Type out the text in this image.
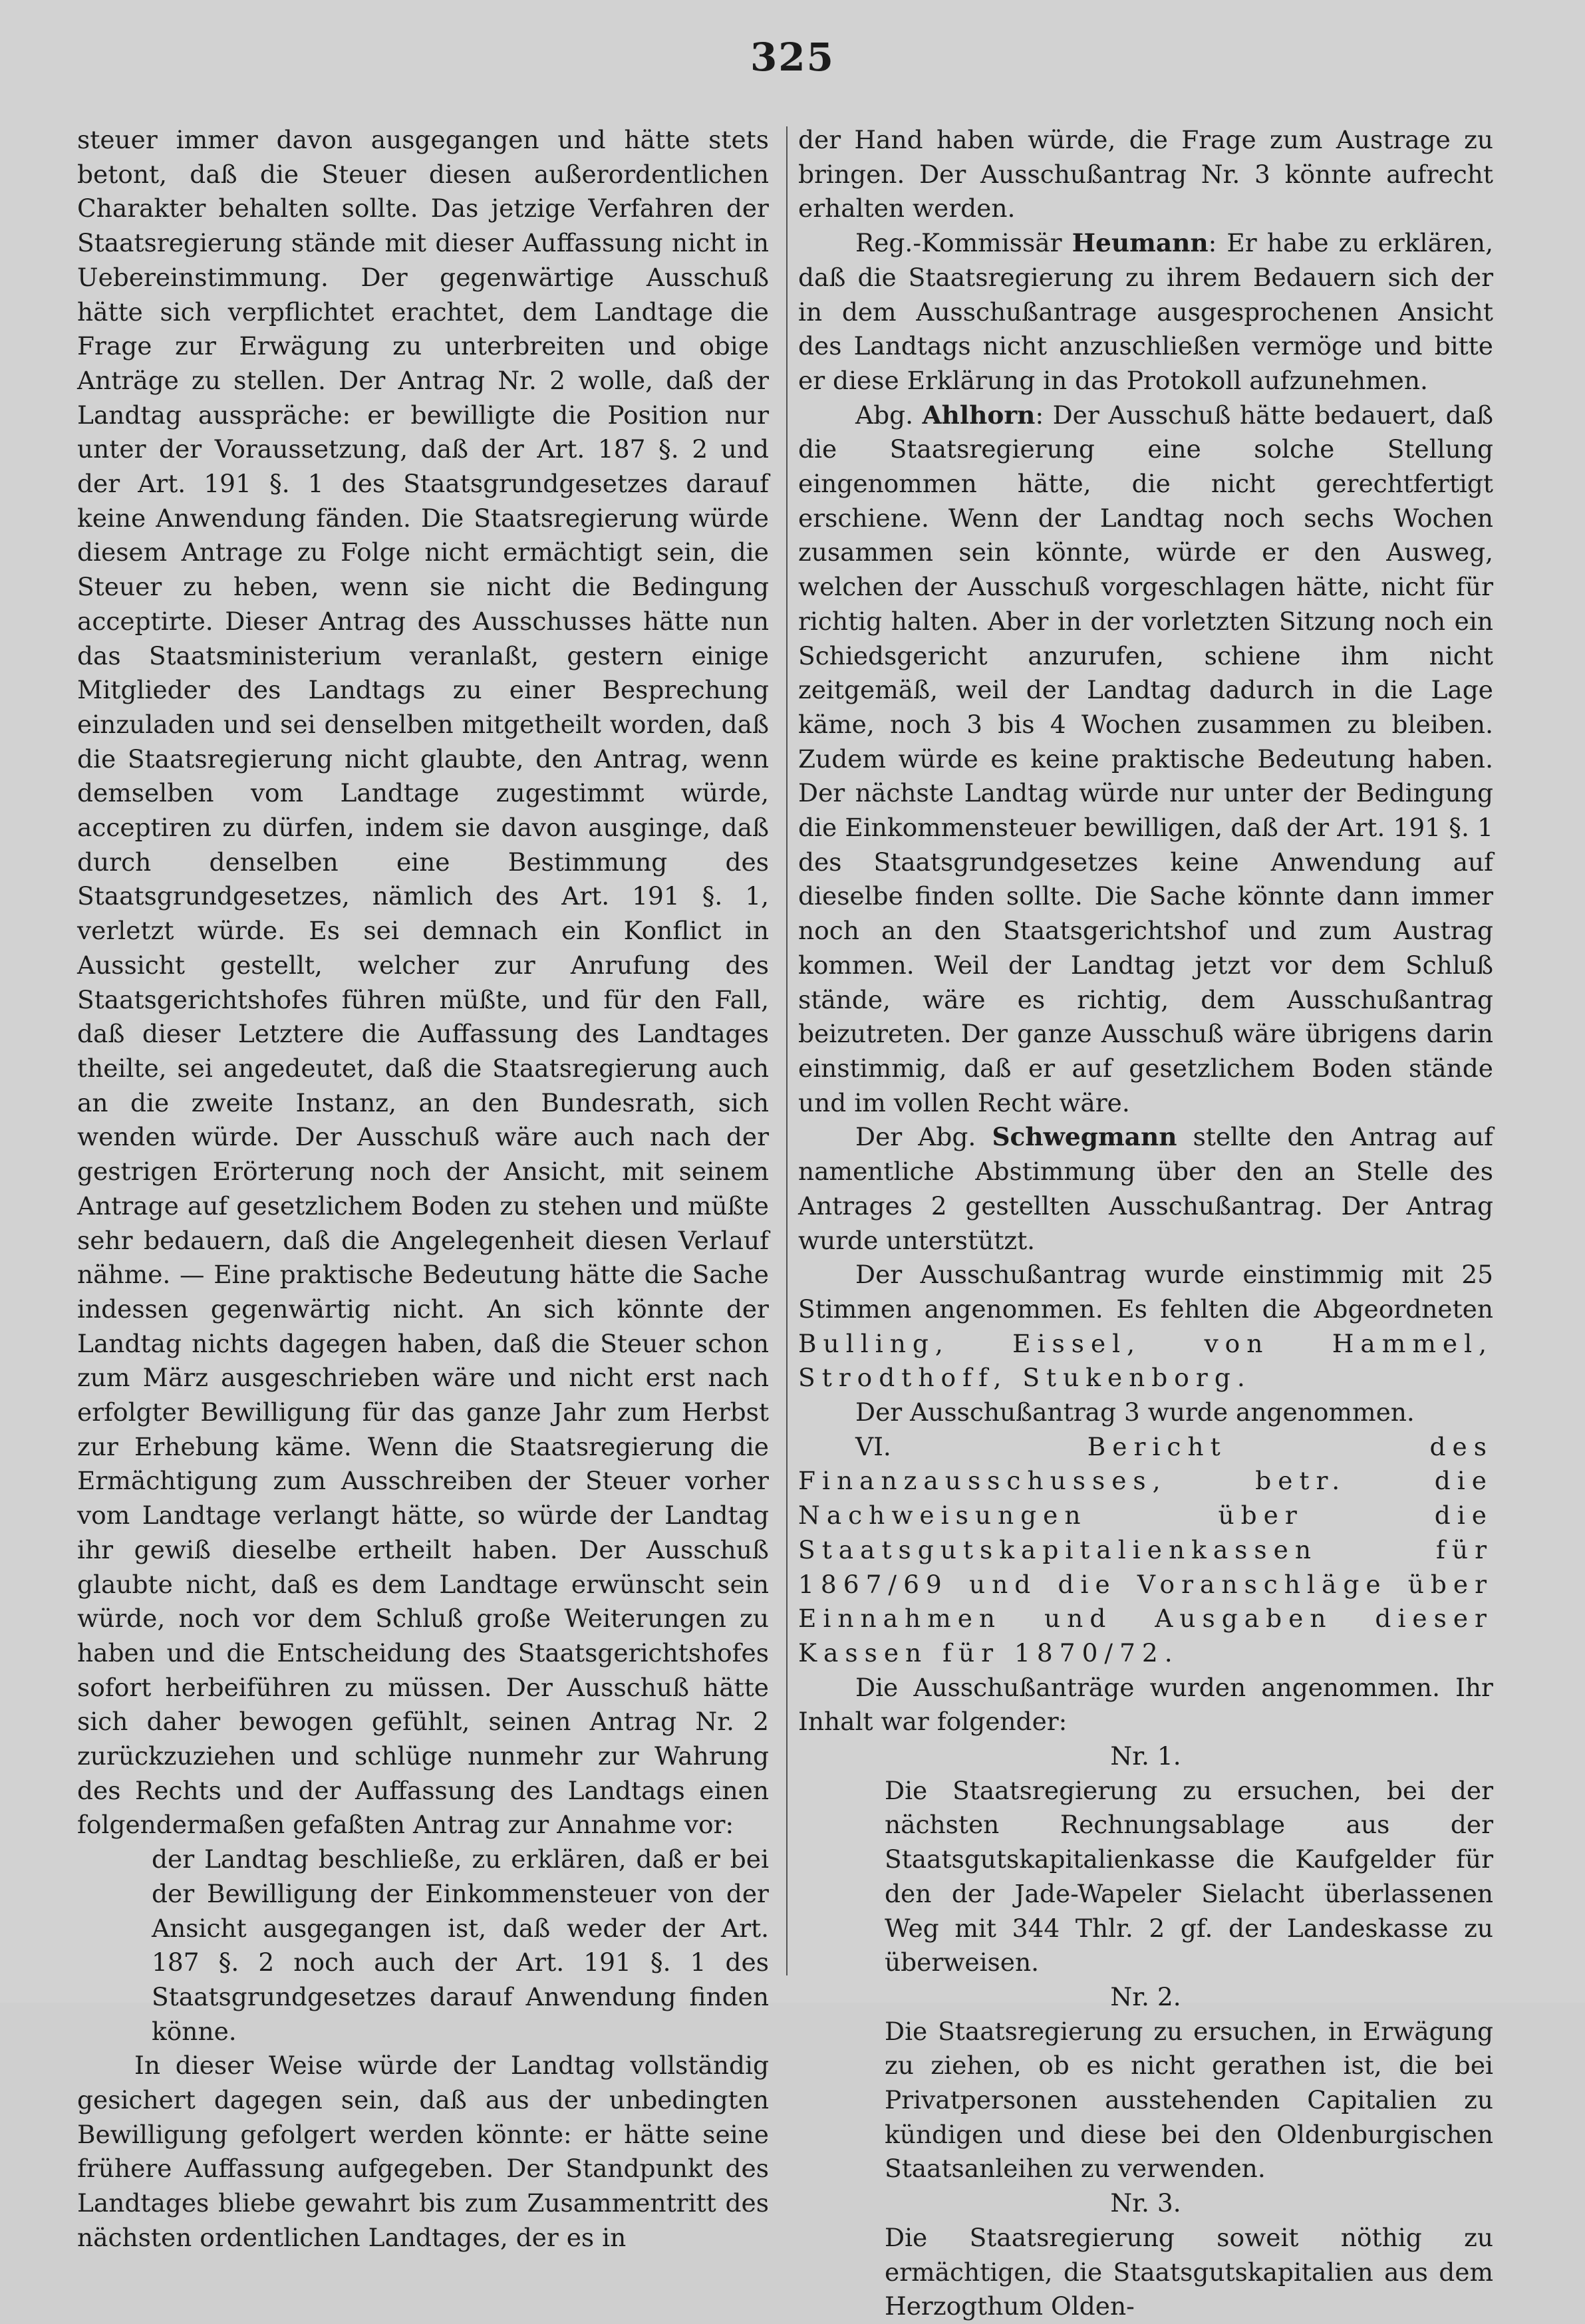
325

steuer immer davon ausgegangen und hätte stets betont, daß die Steuer diesen außerordentlichen Charakter behalten sollte. Das jetzige Verfahren der Staatsregierung stände mit dieser Auffassung nicht in Uebereinstimmung. Der gegenwärtige Ausschuß hätte sich verpflichtet erachtet, dem Landtage die Frage zur Erwägung zu unterbreiten und obige Anträge zu stellen. Der Antrag Nr. 2 wolle, daß der Landtag ausspräche: er bewilligte die Position nur unter der Voraussetzung, daß der Art. 187 §. 2 und der Art. 191 §. 1 des Staatsgrundgesetzes darauf keine Anwendung fänden. Die Staatsregierung würde diesem Antrage zu Folge nicht ermächtigt sein, die Steuer zu heben, wenn sie nicht die Bedingung acceptirte. Dieser Antrag des Ausschusses hätte nun das Staatsministerium veranlaßt, gestern einige Mitglieder des Landtags zu einer Besprechung einzuladen und sei denselben mitgetheilt worden, daß die Staatsregierung nicht glaubte, den Antrag, wenn demselben vom Landtage zugestimmt würde, acceptiren zu dürfen, indem sie davon ausginge, daß durch denselben eine Bestimmung des Staatsgrundgesetzes, nämlich des Art. 191 §. 1, verletzt würde. Es sei demnach ein Konflict in Aussicht gestellt, welcher zur Anrufung des Staatsgerichtshofes führen müßte, und für den Fall, daß dieser Letztere die Auffassung des Landtages theilte, sei angedeutet, daß die Staatsregierung auch an die zweite Instanz, an den Bundesrath, sich wenden würde. Der Ausschuß wäre auch nach der gestrigen Erörterung noch der Ansicht, mit seinem Antrage auf gesetzlichem Boden zu stehen und müßte sehr bedauern, daß die Angelegenheit diesen Verlauf nähme. — Eine praktische Bedeutung hätte die Sache indessen gegenwärtig nicht. An sich könnte der Landtag nichts dagegen haben, daß die Steuer schon zum März ausgeschrieben wäre und nicht erst nach erfolgter Bewilligung für das ganze Jahr zum Herbst zur Erhebung käme. Wenn die Staatsregierung die Ermächtigung zum Ausschreiben der Steuer vorher vom Landtage verlangt hätte, so würde der Landtag ihr gewiß dieselbe ertheilt haben. Der Ausschuß glaubte nicht, daß es dem Landtage erwünscht sein würde, noch vor dem Schluß große Weiterungen zu haben und die Entscheidung des Staatsgerichtshofes sofort herbeiführen zu müssen. Der Ausschuß hätte sich daher bewogen gefühlt, seinen Antrag Nr. 2 zurückzuziehen und schlüge nunmehr zur Wahrung des Rechts und der Auffassung des Landtags einen folgendermaßen gefaßten Antrag zur Annahme vor:

der Landtag beschließe, zu erklären, daß er bei der Bewilligung der Einkommensteuer von der Ansicht ausgegangen ist, daß weder der Art. 187 §. 2 noch auch der Art. 191 §. 1 des Staatsgrundgesetzes darauf Anwendung finden könne.

In dieser Weise würde der Landtag vollständig gesichert dagegen sein, daß aus der unbedingten Bewilligung gefolgert werden könnte: er hätte seine frühere Auffassung aufgegeben. Der Standpunkt des Landtages bliebe gewahrt bis zum Zusammentritt des nächsten ordentlichen Landtages, der es in

der Hand haben würde, die Frage zum Austrage zu bringen. Der Ausschußantrag Nr. 3 könnte aufrecht erhalten werden.

Reg.-Kommissär Heumann: Er habe zu erklären, daß die Staatsregierung zu ihrem Bedauern sich der in dem Ausschußantrage ausgesprochenen Ansicht des Landtags nicht anzuschließen vermöge und bitte er diese Erklärung in das Protokoll aufzunehmen.

Abg. Ahlhorn: Der Ausschuß hätte bedauert, daß die Staatsregierung eine solche Stellung eingenommen hätte, die nicht gerechtfertigt erschiene. Wenn der Landtag noch sechs Wochen zusammen sein könnte, würde er den Ausweg, welchen der Ausschuß vorgeschlagen hätte, nicht für richtig halten. Aber in der vorletzten Sitzung noch ein Schiedsgericht anzurufen, schiene ihm nicht zeitgemäß, weil der Landtag dadurch in die Lage käme, noch 3 bis 4 Wochen zusammen zu bleiben. Zudem würde es keine praktische Bedeutung haben. Der nächste Landtag würde nur unter der Bedingung die Einkommensteuer bewilligen, daß der Art. 191 §. 1 des Staatsgrundgesetzes keine Anwendung auf dieselbe finden sollte. Die Sache könnte dann immer noch an den Staatsgerichtshof und zum Austrag kommen. Weil der Landtag jetzt vor dem Schluß stände, wäre es richtig, dem Ausschußantrag beizutreten. Der ganze Ausschuß wäre übrigens darin einstimmig, daß er auf gesetzlichem Boden stände und im vollen Recht wäre.

Der Abg. Schwegmann stellte den Antrag auf namentliche Abstimmung über den an Stelle des Antrages 2 gestellten Ausschußantrag. Der Antrag wurde unterstützt.

Der Ausschußantrag wurde einstimmig mit 25 Stimmen angenommen. Es fehlten die Abgeordneten Bulling, Eissel, von Hammel, Strodthoff, Stukenborg.

Der Ausschußantrag 3 wurde angenommen.

VI.	Bericht des Finanzausschusses, betr. die Nachweisungen über die Staatsgutskapitalienkassen für 1867/69 und die Voranschläge über Einnahmen und Ausgaben dieser Kassen für 1870/72.

Die Ausschußanträge wurden angenommen. Ihr Inhalt war folgender:

Nr. 1.

Die Staatsregierung zu ersuchen, bei der nächsten Rechnungsablage aus der Staatsgutskapitalienkasse die Kaufgelder für den der Jade-Wapeler Sielacht überlassenen Weg mit 344 Thlr. 2 gf. der Landeskasse zu überweisen.

Nr. 2.

Die Staatsregierung zu ersuchen, in Erwägung zu ziehen, ob es nicht gerathen ist, die bei Privatpersonen ausstehenden Capitalien zu kündigen und diese bei den Oldenburgischen Staatsanleihen zu verwenden.

Nr. 3.

Die Staatsregierung soweit nöthig zu ermächtigen, die Staatsgutskapitalien aus dem Herzogthum Olden-
